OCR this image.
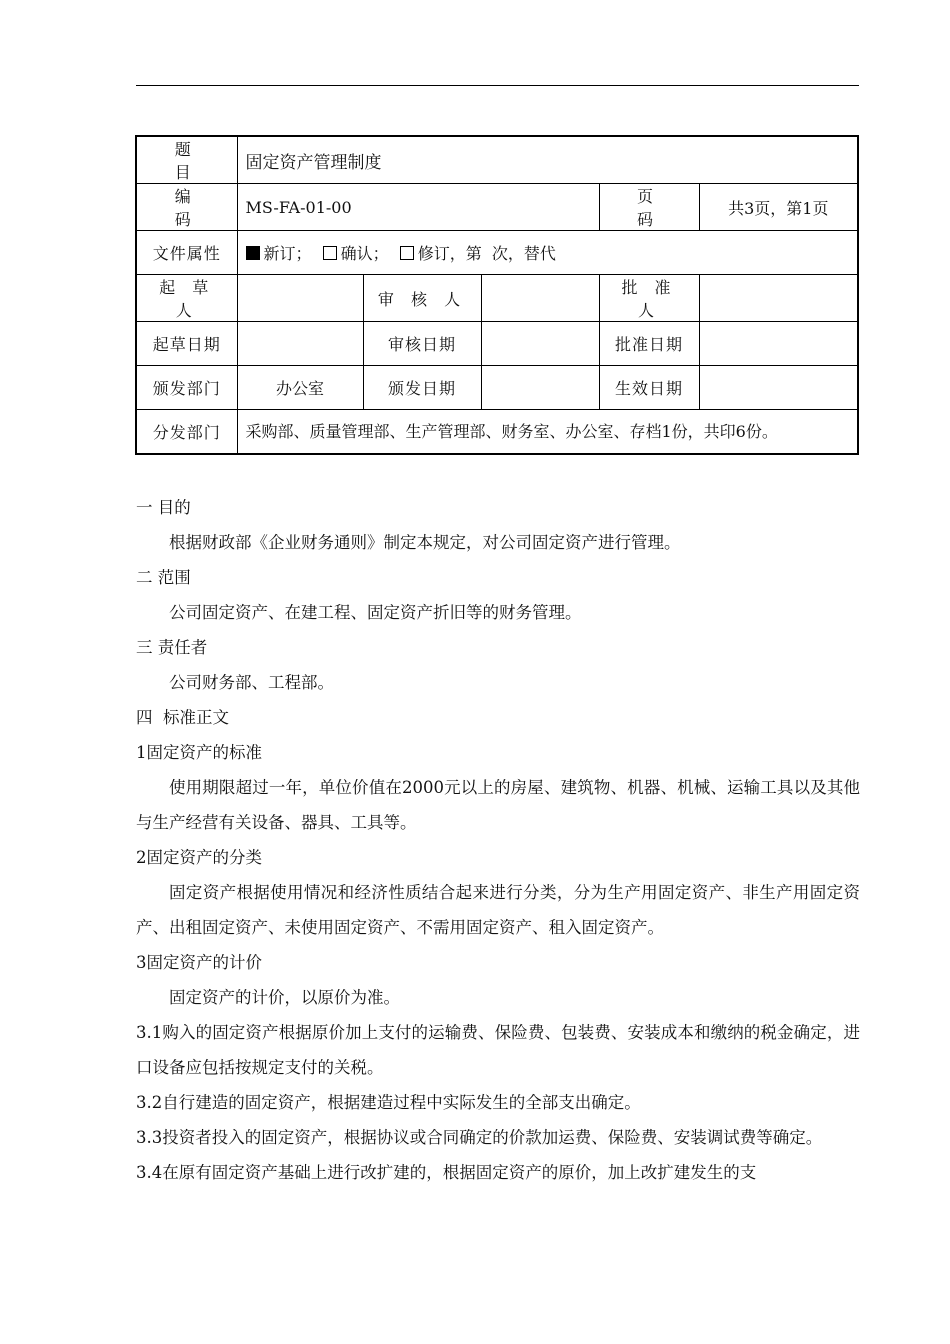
题 目	固定资产管理制度				
编 码	MS-FA-01-00			页 码	共3页，第1页
文件属性	新订； 确认； 修订，第  次，替代				
起 草 人		审 核 人		批 准 人	
起草日期		审核日期		批准日期	
颁发部门	办公室	颁发日期		生效日期	
分发部门	采购部、质量管理部、生产管理部、财务室、办公室、存档1份，共印6份。				
一 目的
根据财政部《企业财务通则》制定本规定，对公司固定资产进行管理。
二 范围
公司固定资产、在建工程、固定资产折旧等的财务管理。
三 责任者
公司财务部、工程部。
四  标准正文
1固定资产的标准
使用期限超过一年，单位价值在2000元以上的房屋、建筑物、机器、机械、运输工具以及其他与生产经营有关设备、器具、工具等。
2固定资产的分类
固定资产根据使用情况和经济性质结合起来进行分类，分为生产用固定资产、非生产用固定资产、出租固定资产、未使用固定资产、不需用固定资产、租入固定资产。
3固定资产的计价
固定资产的计价，以原价为准。
3.1购入的固定资产根据原价加上支付的运输费、保险费、包装费、安装成本和缴纳的税金确定，进口设备应包括按规定支付的关税。
3.2自行建造的固定资产，根据建造过程中实际发生的全部支出确定。
3.3投资者投入的固定资产，根据协议或合同确定的价款加运费、保险费、安装调试费等确定。
3.4在原有固定资产基础上进行改扩建的，根据固定资产的原价，加上改扩建发生的支
